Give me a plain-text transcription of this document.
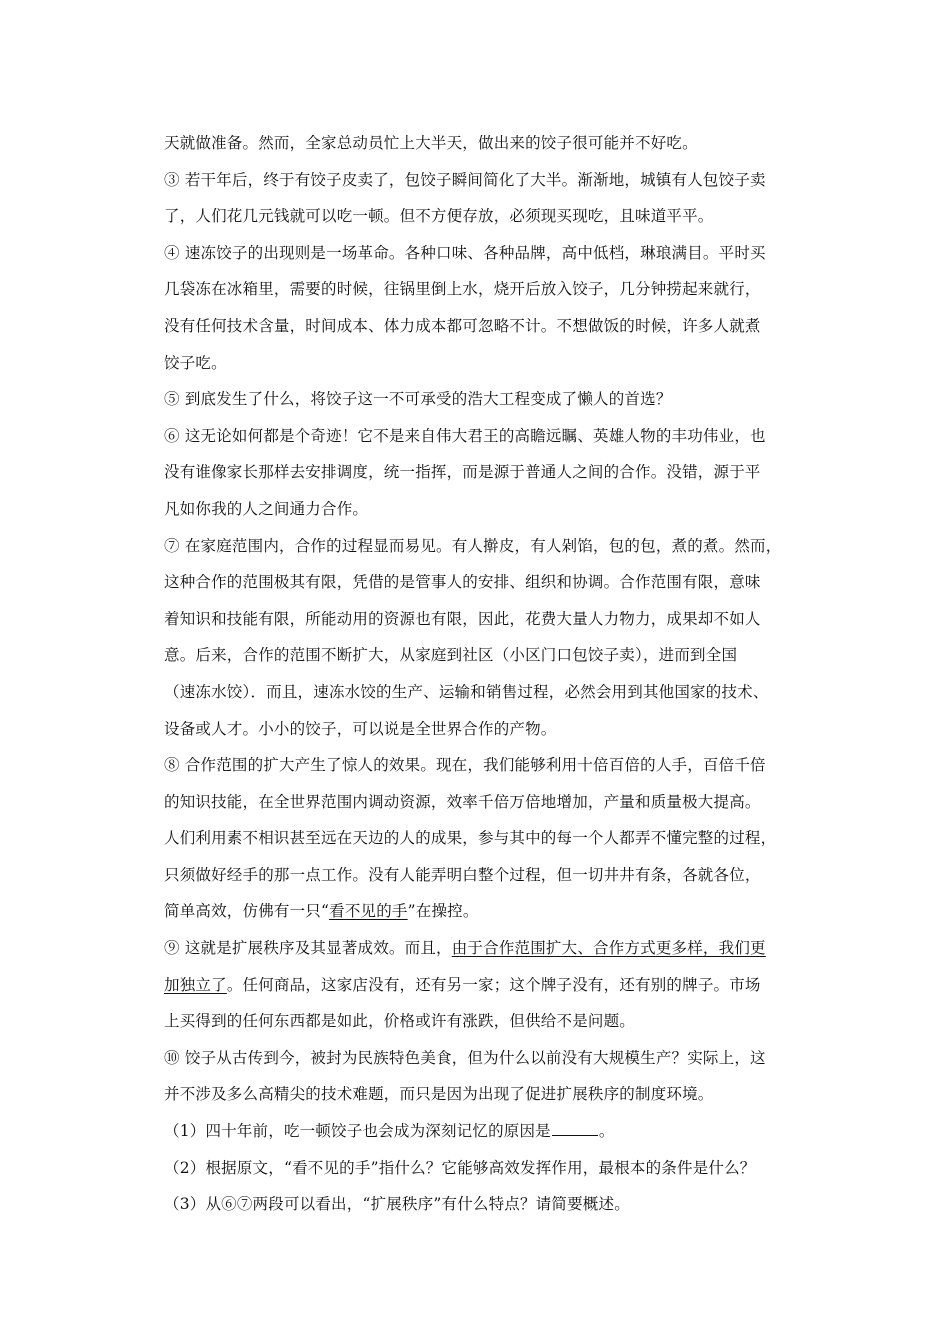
天就做准备。然而，全家总动员忙上大半天，做出来的饺子很可能并不好吃。
③ 若干年后，终于有饺子皮卖了，包饺子瞬间简化了大半。渐渐地，城镇有人包饺子卖
了，人们花几元钱就可以吃一顿。但不方便存放，必须现买现吃，且味道平平。
④ 速冻饺子的出现则是一场革命。各种口味、各种品牌，高中低档，琳琅满目。平时买
几袋冻在冰箱里，需要的时候，往锅里倒上水，烧开后放入饺子，几分钟捞起来就行，
没有任何技术含量，时间成本、体力成本都可忽略不计。不想做饭的时候，许多人就煮
饺子吃。
⑤ 到底发生了什么，将饺子这一不可承受的浩大工程变成了懒人的首选？
⑥ 这无论如何都是个奇迹！它不是来自伟大君王的高瞻远瞩、英雄人物的丰功伟业，也
没有谁像家长那样去安排调度，统一指挥，而是源于普通人之间的合作。没错，源于平
凡如你我的人之间通力合作。
⑦ 在家庭范围内，合作的过程显而易见。有人擀皮，有人剁馅，包的包，煮的煮。然而，
这种合作的范围极其有限，凭借的是管事人的安排、组织和协调。合作范围有限，意味
着知识和技能有限，所能动用的资源也有限，因此，花费大量人力物力，成果却不如人
意。后来，合作的范围不断扩大，从家庭到社区（小区门口包饺子卖），进而到全国
（速冻水饺）．而且，速冻水饺的生产、运输和销售过程，必然会用到其他国家的技术、
设备或人才。小小的饺子，可以说是全世界合作的产物。
⑧ 合作范围的扩大产生了惊人的效果。现在，我们能够利用十倍百倍的人手，百倍千倍
的知识技能，在全世界范围内调动资源，效率千倍万倍地增加，产量和质量极大提高。
人们利用素不相识甚至远在天边的人的成果，参与其中的每一个人都弄不懂完整的过程，
只须做好经手的那一点工作。没有人能弄明白整个过程，但一切井井有条，各就各位，
简单高效，仿佛有一只“看不见的手”在操控。
⑨ 这就是扩展秩序及其显著成效。而且，由于合作范围扩大、合作方式更多样，我们更
加独立了。任何商品，这家店没有，还有另一家；这个牌子没有，还有别的牌子。市场
上买得到的任何东西都是如此，价格或许有涨跌，但供给不是问题。
⑩ 饺子从古传到今，被封为民族特色美食，但为什么以前没有大规模生产？实际上，这
并不涉及多么高精尖的技术难题，而只是因为出现了促进扩展秩序的制度环境。
（1）四十年前，吃一顿饺子也会成为深刻记忆的原因是	。
（2）根据原文，“看不见的手”指什么？它能够高效发挥作用，最根本的条件是什么？
（3）从⑥⑦两段可以看出，“扩展秩序”有什么特点？请简要概述。
